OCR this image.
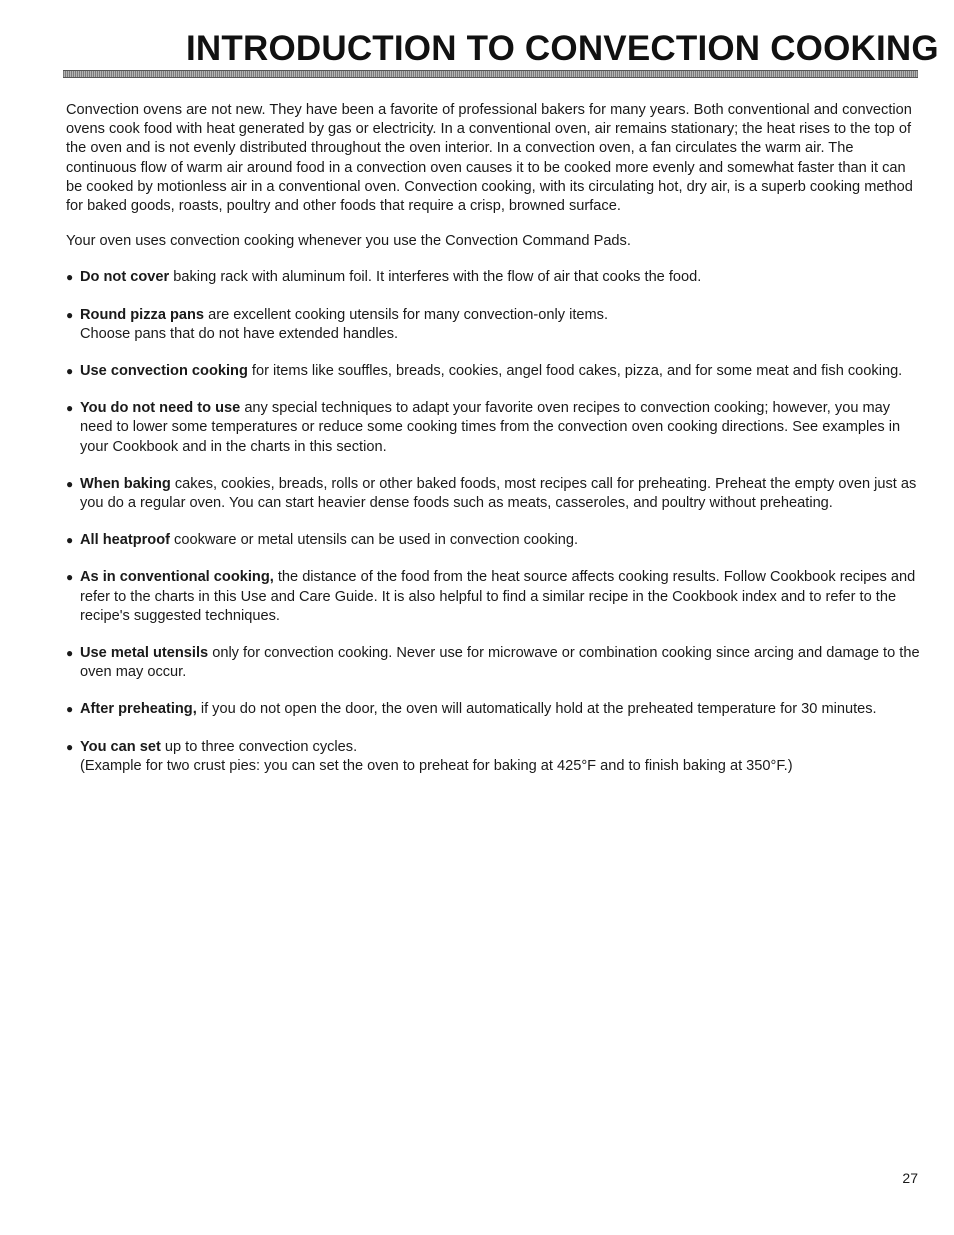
INTRODUCTION TO CONVECTION COOKING

Convection ovens are not new. They have been a favorite of professional bakers for many years. Both conventional and convection ovens cook food with heat generated by gas or electricity. In a conventional oven, air remains stationary; the heat rises to the top of the oven and is not evenly distributed throughout the oven interior. In a convection oven, a fan circulates the warm air. The continuous flow of warm air around food in a convection oven causes it to be cooked more evenly and somewhat faster than it can be cooked by motionless air in a conventional oven. Convection cooking, with its circulating hot, dry air, is a superb cooking method for baked goods, roasts, poultry and other foods that require a crisp, browned surface.

Your oven uses convection cooking whenever you use the Convection Command Pads.

● Do not cover baking rack with aluminum foil. It interferes with the flow of air that cooks the food.
● Round pizza pans are excellent cooking utensils for many convection-only items.
Choose pans that do not have extended handles.
● Use convection cooking for items like souffles, breads, cookies, angel food cakes, pizza, and for some meat and fish cooking.
● You do not need to use any special techniques to adapt your favorite oven recipes to convection cooking; however, you may need to lower some temperatures or reduce some cooking times from the convection oven cooking directions. See examples in your Cookbook and in the charts in this section.
● When baking cakes, cookies, breads, rolls or other baked foods, most recipes call for preheating. Preheat the empty oven just as you do a regular oven. You can start heavier dense foods such as meats, casseroles, and poultry without preheating.
● All heatproof cookware or metal utensils can be used in convection cooking.
● As in conventional cooking, the distance of the food from the heat source affects cooking results. Follow Cookbook recipes and refer to the charts in this Use and Care Guide. It is also helpful to find a similar recipe in the Cookbook index and to refer to the recipe's suggested techniques.
● Use metal utensils only for convection cooking. Never use for microwave or combination cooking since arcing and damage to the oven may occur.
● After preheating, if you do not open the door, the oven will automatically hold at the preheated temperature for 30 minutes.
● You can set up to three convection cycles.
(Example for two crust pies: you can set the oven to preheat for baking at 425°F and to finish baking at 350°F.)
27
